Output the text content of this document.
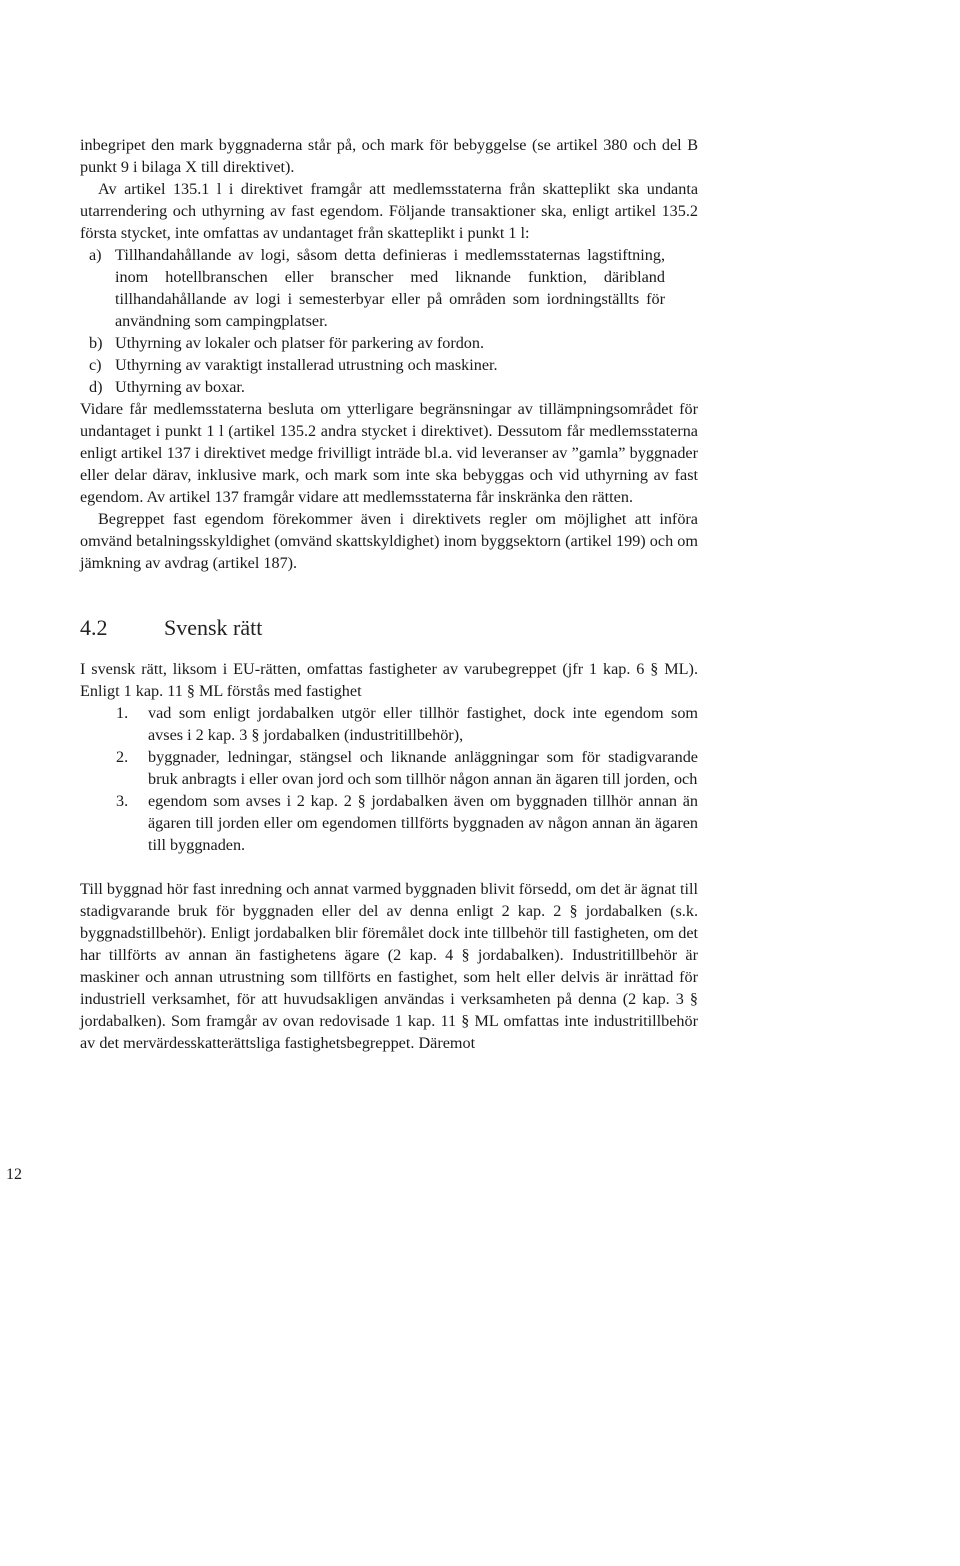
inbegripet den mark byggnaderna står på, och mark för bebyggelse (se artikel 380 och del B punkt 9 i bilaga X till direktivet).

Av artikel 135.1 l i direktivet framgår att medlemsstaterna från skatteplikt ska undanta utarrendering och uthyrning av fast egendom. Följande transaktioner ska, enligt artikel 135.2 första stycket, inte omfattas av undantaget från skatteplikt i punkt 1 l:

a) Tillhandahållande av logi, såsom detta definieras i medlemsstaternas lagstiftning, inom hotellbranschen eller branscher med liknande funktion, däribland tillhandahållande av logi i semesterbyar eller på områden som iordningställts för användning som campingplatser.
b) Uthyrning av lokaler och platser för parkering av fordon.
c) Uthyrning av varaktigt installerad utrustning och maskiner.
d) Uthyrning av boxar.

Vidare får medlemsstaterna besluta om ytterligare begränsningar av tillämpningsområdet för undantaget i punkt 1 l (artikel 135.2 andra stycket i direktivet). Dessutom får medlemsstaterna enligt artikel 137 i direktivet medge frivilligt inträde bl.a. vid leveranser av ”gamla” byggnader eller delar därav, inklusive mark, och mark som inte ska bebyggas och vid uthyrning av fast egendom. Av artikel 137 framgår vidare att medlemsstaterna får inskränka den rätten.

Begreppet fast egendom förekommer även i direktivets regler om möjlighet att införa omvänd betalningsskyldighet (omvänd skattskyldighet) inom byggsektorn (artikel 199) och om jämkning av avdrag (artikel 187).

4.2	Svensk rätt

I svensk rätt, liksom i EU-rätten, omfattas fastigheter av varubegreppet (jfr 1 kap. 6 § ML). Enligt 1 kap. 11 § ML förstås med fastighet

1.	vad som enligt jordabalken utgör eller tillhör fastighet, dock inte egendom som avses i 2 kap. 3 § jordabalken (industritillbehör),
2.	byggnader, ledningar, stängsel och liknande anläggningar som för stadigvarande bruk anbragts i eller ovan jord och som tillhör någon annan än ägaren till jorden, och
3.	egendom som avses i 2 kap. 2 § jordabalken även om byggnaden tillhör annan än ägaren till jorden eller om egendomen tillförts byggnaden av någon annan än ägaren till byggnaden.

Till byggnad hör fast inredning och annat varmed byggnaden blivit försedd, om det är ägnat till stadigvarande bruk för byggnaden eller del av denna enligt 2 kap. 2 § jordabalken (s.k. byggnadstillbehör). Enligt jordabalken blir föremålet dock inte tillbehör till fastigheten, om det har tillförts av annan än fastighetens ägare (2 kap. 4 § jordabalken). Industritillbehör är maskiner och annan utrustning som tillförts en fastighet, som helt eller delvis är inrättad för industriell verksamhet, för att huvudsakligen användas i verksamheten på denna (2 kap. 3 § jordabalken). Som framgår av ovan redovisade 1 kap. 11 § ML omfattas inte industritillbehör av det mervärdesskatterättsliga fastighetsbegreppet. Däremot

12
